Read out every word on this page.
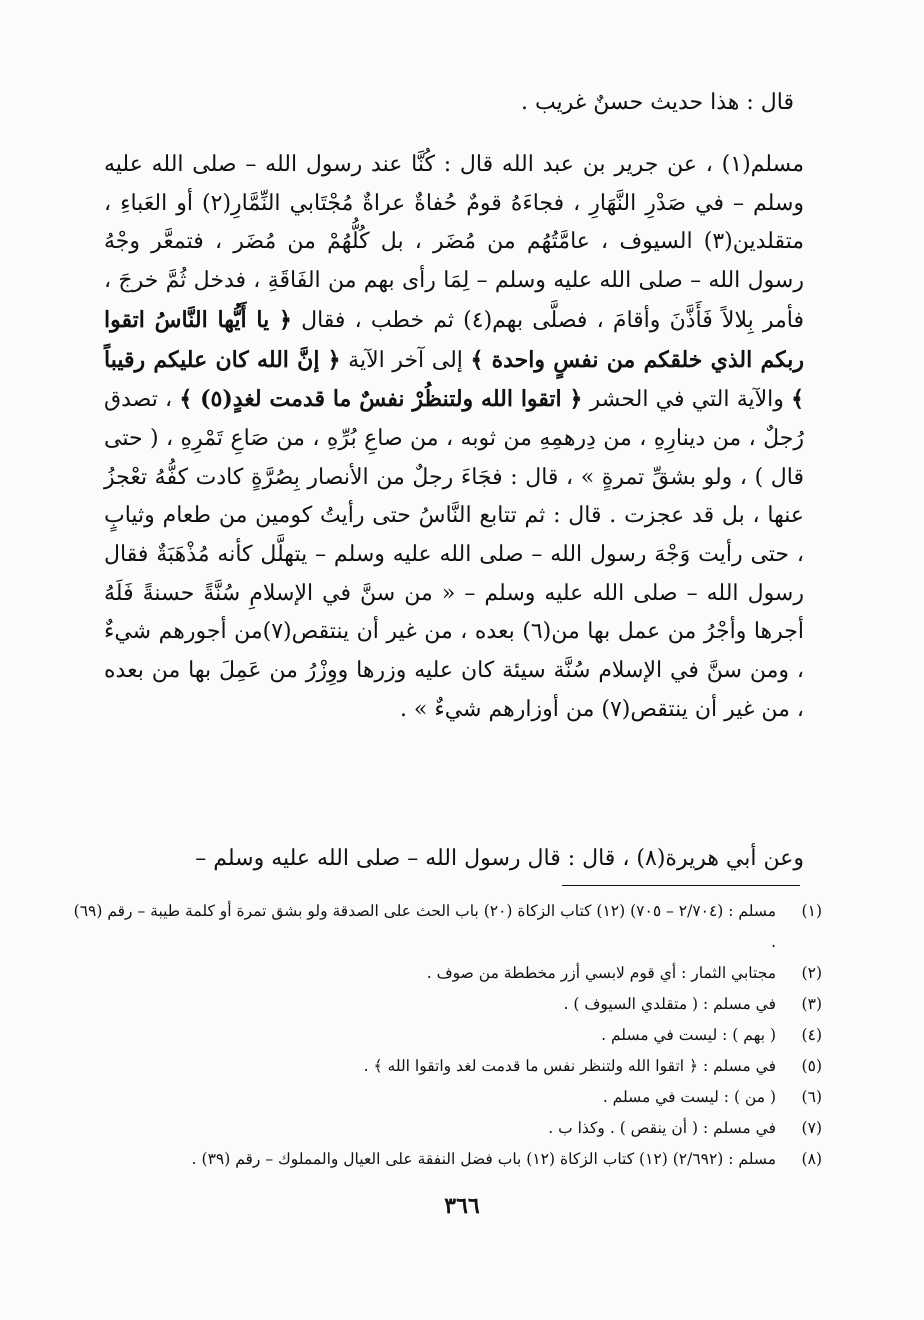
قال : هذا حديث حسنٌ غريب .
مسلم(١) ، عن جرير بن عبد الله قال : كُنَّا عند رسول الله – صلى الله عليه وسلم – في صَدْرِ النَّهَارِ ، فجاءَهُ قومٌ حُفاةٌ عراةٌ مُجْتَابي النِّمَّارِ(٢) أو العَباءِ ، متقلدين(٣) السيوف ، عامَّتُهُم من مُضَر ، بل كُلُّهُمْ من مُضَر ، فتمعَّر وجْهُ رسول الله – صلى الله عليه وسلم – لِمَا رأى بهم من الفَاقَةِ ، فدخل ثُمَّ خرجَ ، فأمر بِلالاً فَأَذَّنَ وأقامَ ، فصلَّى بهم(٤) ثم خطب ، فقال ﴿ يا أَيُّها النَّاسُ اتقوا ربكم الذي خلقكم من نفسٍ واحدة ﴾ إلى آخر الآية ﴿ إنَّ الله كان عليكم رقيباً ﴾ والآية التي في الحشر ﴿ اتقوا الله ولتنظُرْ نفسٌ ما قدمت لغدٍ(٥) ﴾ ، تصدق رُجلٌ ، من دينارِهِ ، من دِرهمِهِ من ثوبه ، من صاعِ بُرِّهِ ، من صَاعِ تَمْرِهِ ، ( حتى قال ) ، ولو بشقِّ تمرةٍ » ، قال : فجَاءَ رجلٌ من الأنصار بِصُرَّةٍ كادت كفُّهُ تعْجزُ عنها ، بل قد عجزت . قال : ثم تتابع النَّاسُ حتى رأيتُ كومين من طعام وثيابٍ ، حتى رأيت وَجْهَ رسول الله – صلى الله عليه وسلم – يتهلَّل كأنه مُذْهَبَةٌ فقال رسول الله – صلى الله عليه وسلم – « من سنَّ في الإسلامِ سُنَّةً حسنةً فَلَهُ أجرها وأجْرُ من عمل بها من(٦) بعده ، من غير أن ينتقص(٧)من أجورهم شيءٌ ، ومن سنَّ في الإسلام سُنَّة سيئة كان عليه وزرها ووِزْرُ من عَمِلَ بها من بعده ، من غير أن ينتقص(٧) من أوزارهم شيءٌ » .
وعن أبي هريرة(٨) ، قال : قال رسول الله – صلى الله عليه وسلم –
(١)
مسلم : (٢/٧٠٤ – ٧٠٥) (١٢) كتاب الزكاة (٢٠) باب الحث على الصدقة ولو بشق تمرة أو كلمة طيبة – رقم (٦٩) .
(٢)
مجتابي الثمار : أي قوم لابسي أزر مخططة من صوف .
(٣)
في مسلم : ( متقلدي السيوف ) .
(٤)
( بهم ) : ليست في مسلم .
(٥)
في مسلم : ﴿ اتقوا الله ولتنظر نفس ما قدمت لغد واتقوا الله ﴾ .
(٦)
( من ) : ليست في مسلم .
(٧)
في مسلم : ( أن ينقص ) . وكذا ب .
(٨)
مسلم : (٢/٦٩٢) (١٢) كتاب الزكاة (١٢) باب فضل النفقة على العيال والمملوك – رقم (٣٩) .
٣٦٦
